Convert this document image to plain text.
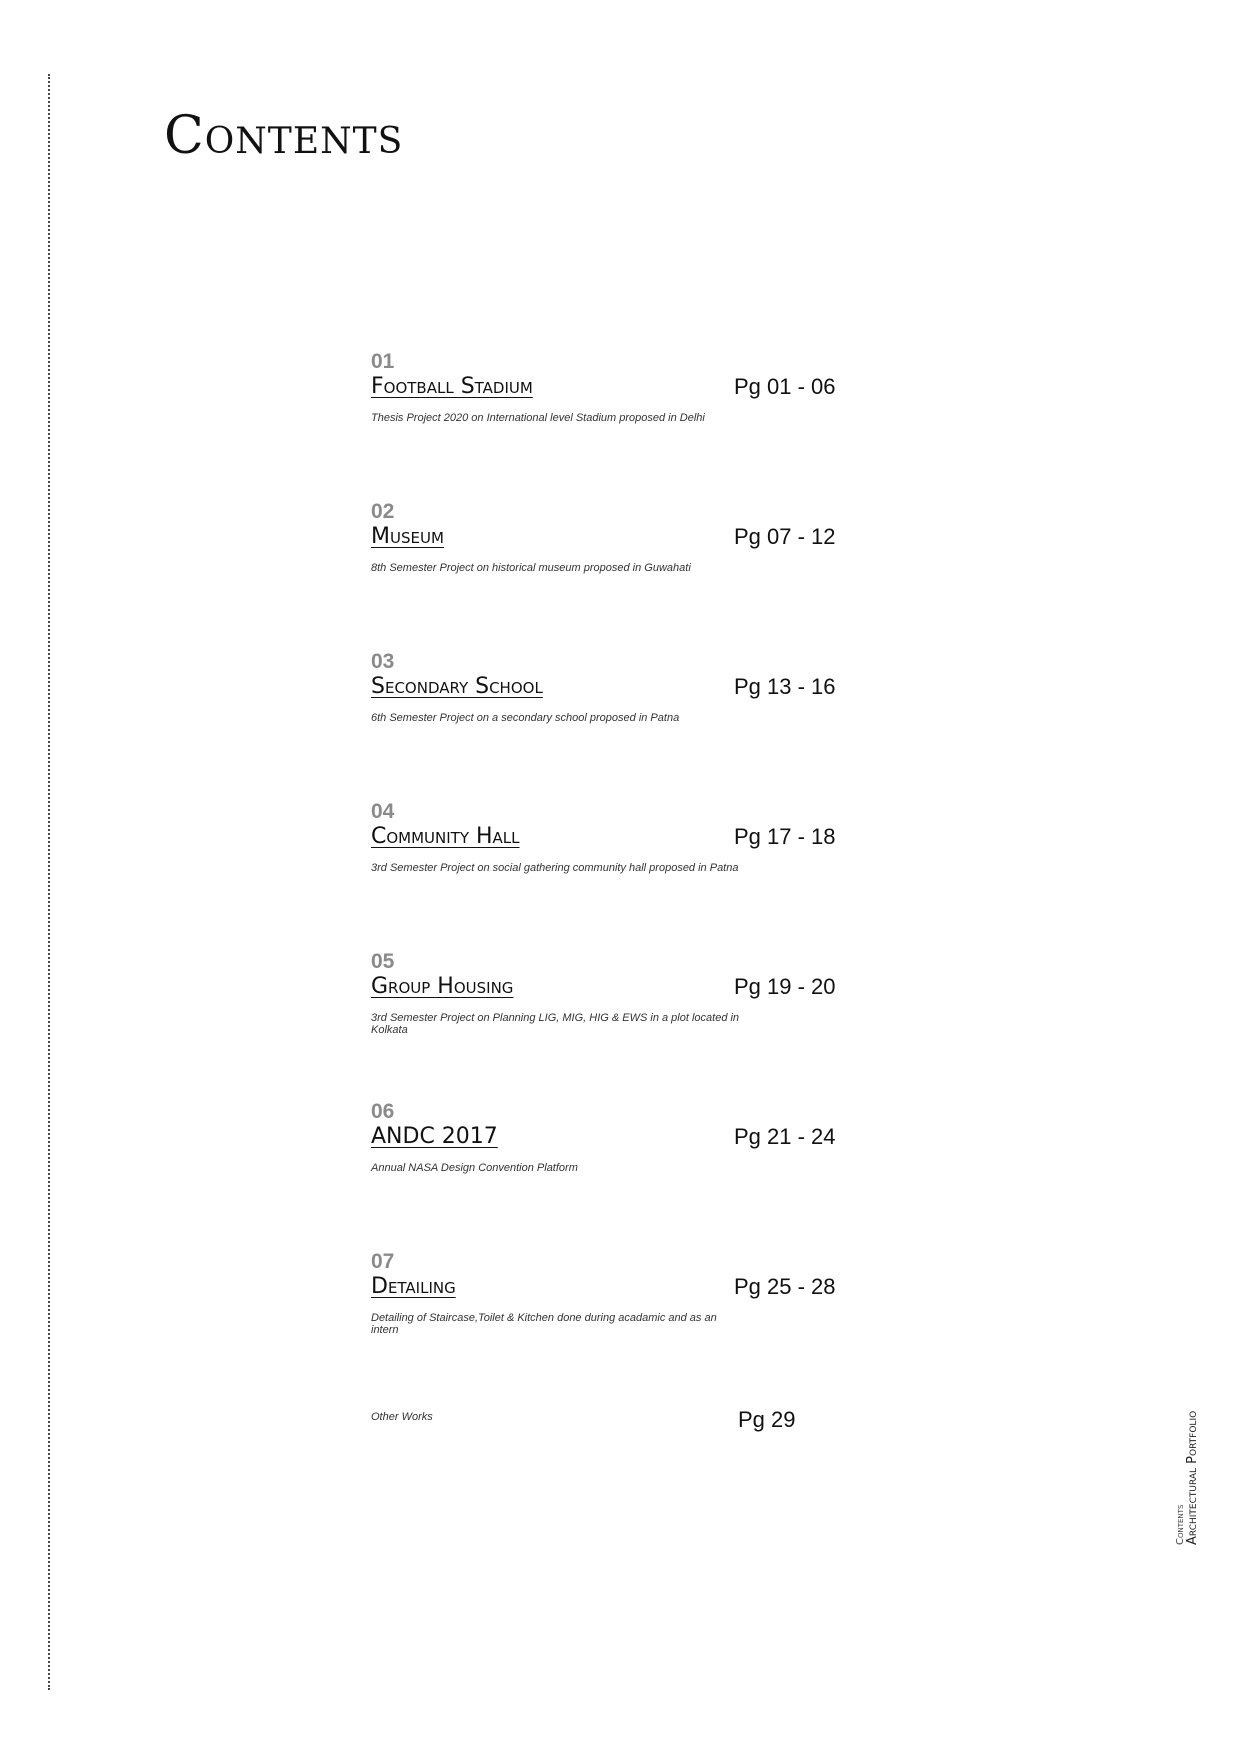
Contents
01
Football Stadium	Pg 01 - 06
Thesis Project 2020 on International level Stadium proposed in Delhi
02
Museum	Pg 07 - 12
8th Semester Project on historical museum proposed in Guwahati
03
Secondary School	Pg 13 - 16
6th Semester Project on a secondary school proposed in Patna
04
Community Hall	Pg 17 - 18
3rd Semester Project on social gathering community hall proposed in Patna
05
Group Housing	Pg 19 - 20
3rd Semester Project on Planning LIG, MIG, HIG & EWS in a plot located in Kolkata
06
ANDC 2017	Pg 21 - 24
Annual NASA Design Convention Platform
07
Detailing	Pg 25 - 28
Detailing of Staircase,Toilet & Kitchen done during acadamic and as an intern
Other Works	Pg 29
Contents Architectural Portfolio
